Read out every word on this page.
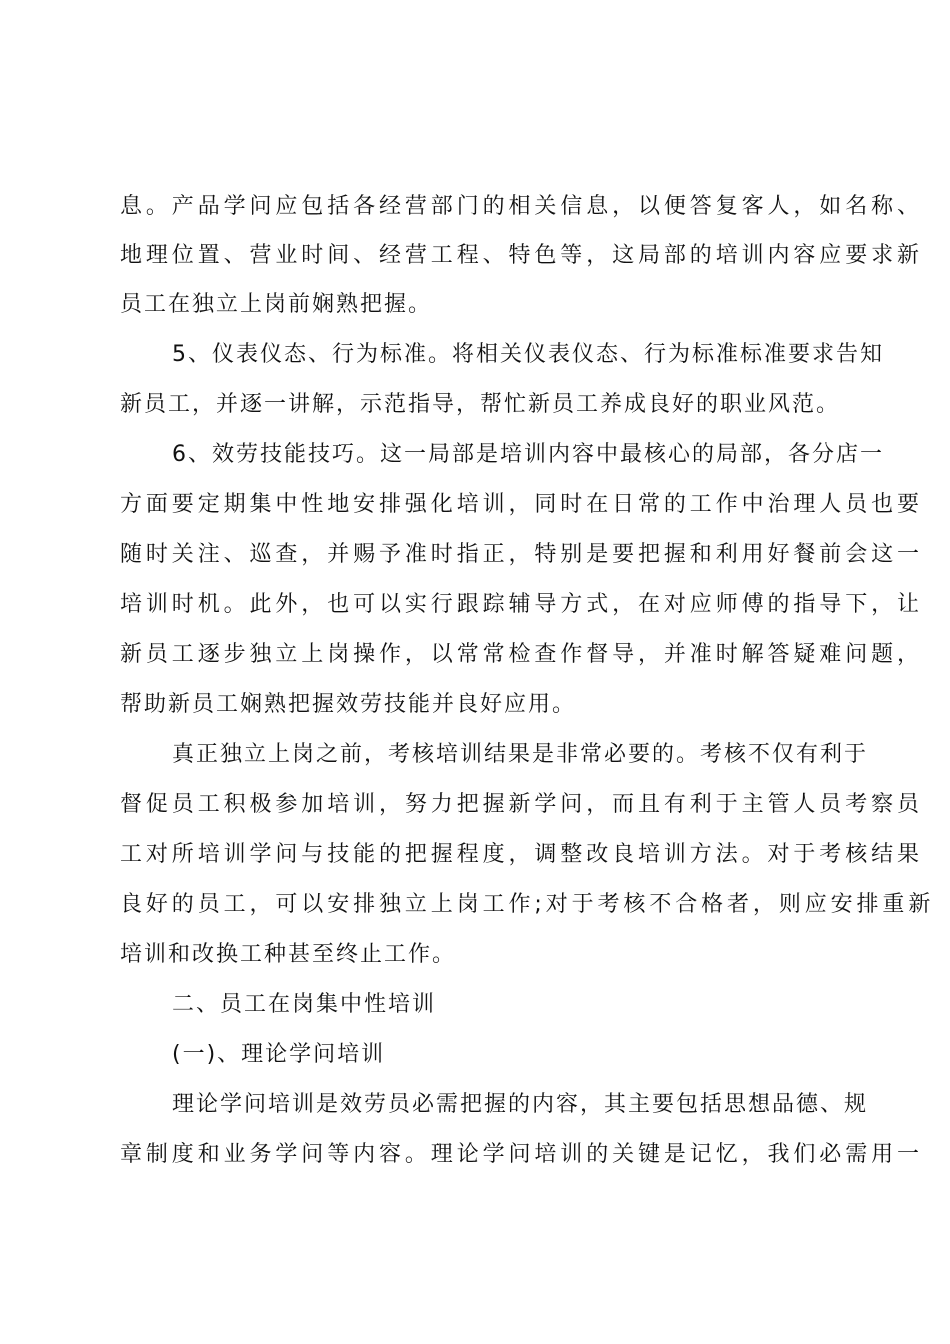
息。产品学问应包括各经营部门的相关信息，以便答复客人，如名称、

地理位置、营业时间、经营工程、特色等，这局部的培训内容应要求新

员工在独立上岗前娴熟把握。

5、仪表仪态、行为标准。将相关仪表仪态、行为标准标准要求告知

新员工，并逐一讲解，示范指导，帮忙新员工养成良好的职业风范。

6、效劳技能技巧。这一局部是培训内容中最核心的局部，各分店一

方面要定期集中性地安排强化培训，同时在日常的工作中治理人员也要

随时关注、巡查，并赐予准时指正，特别是要把握和利用好餐前会这一

培训时机。此外，也可以实行跟踪辅导方式，在对应师傅的指导下，让

新员工逐步独立上岗操作，以常常检查作督导，并准时解答疑难问题，

帮助新员工娴熟把握效劳技能并良好应用。

真正独立上岗之前，考核培训结果是非常必要的。考核不仅有利于

督促员工积极参加培训，努力把握新学问，而且有利于主管人员考察员

工对所培训学问与技能的把握程度，调整改良培训方法。对于考核结果

良好的员工，可以安排独立上岗工作;对于考核不合格者，则应安排重新

培训和改换工种甚至终止工作。

二、员工在岗集中性培训

(一)、理论学问培训

理论学问培训是效劳员必需把握的内容，其主要包括思想品德、规

章制度和业务学问等内容。理论学问培训的关键是记忆，我们必需用一
